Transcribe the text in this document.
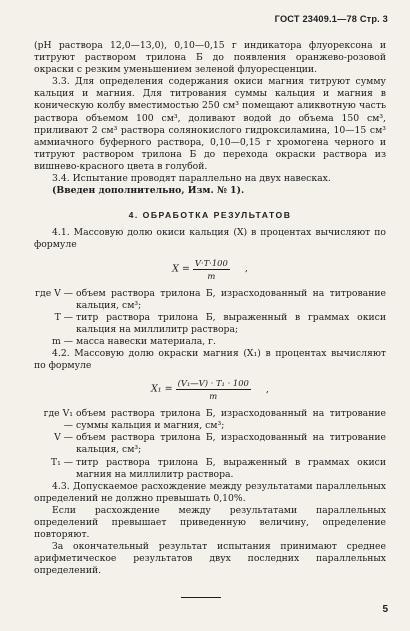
ГОСТ 23409.1—78 Стр. 3

(pH раствора 12,0—13,0), 0,10—0,15 г индикатора флуорексона и титруют раствором трилона Б до появления оранжево-розовой окраски с резким уменьшением зеленой флуоресценции.

3.3. Для определения содержания окиси магния титруют сумму кальция и магния. Для титрования суммы кальция и магния в коническую колбу вместимостью 250 см³ помещают аликвотную часть раствора объемом 100 см³, доливают водой до объема 150 см³, приливают 2 см³ раствора солянокислого гидроксиламина, 10—15 см³ аммиачного буферного раствора, 0,10—0,15 г хромогена черного и титруют раствором трилона Б до перехода окраски раствора из вишнево-красного цвета в голубой.

3.4. Испытание проводят параллельно на двух навесках.

(Введен дополнительно, Изм. № 1).

4. ОБРАБОТКА РЕЗУЛЬТАТОВ

4.1. Массовую долю окиси кальция (X) в процентах вычисляют по формуле

$X = \frac{V\cdot T\cdot 100}{m}$ ,
где V — объем раствора трилона Б, израсходованный на титрование кальция, см³;
T — титр раствора трилона Б, выраженный в граммах окиси кальция на миллилитр раствора;
m — масса навески материала, г.

4.2. Массовую долю окраски магния (X₁) в процентах вычисляют по формуле

$X_1 = \frac{\text{(V₁—V) · T₁ · 100}}{m}$ ,
где V₁ —
объем раствора трилона Б, израсходованный на титрование суммы кальция и магния, см³;
V — объем раствора трилона Б, израсходованный на титрование кальция, см³;
T₁ — титр раствора трилона Б, выраженный в граммах окиси магния на миллилитр раствора.

4.3. Допускаемое расхождение между результатами параллельных определений не должно превышать 0,10%.

Если расхождение между результатами параллельных определений превышает приведенную величину, определение повторяют.

За окончательный результат испытания принимают среднее арифметическое результатов двух последних параллельных определений.

5
